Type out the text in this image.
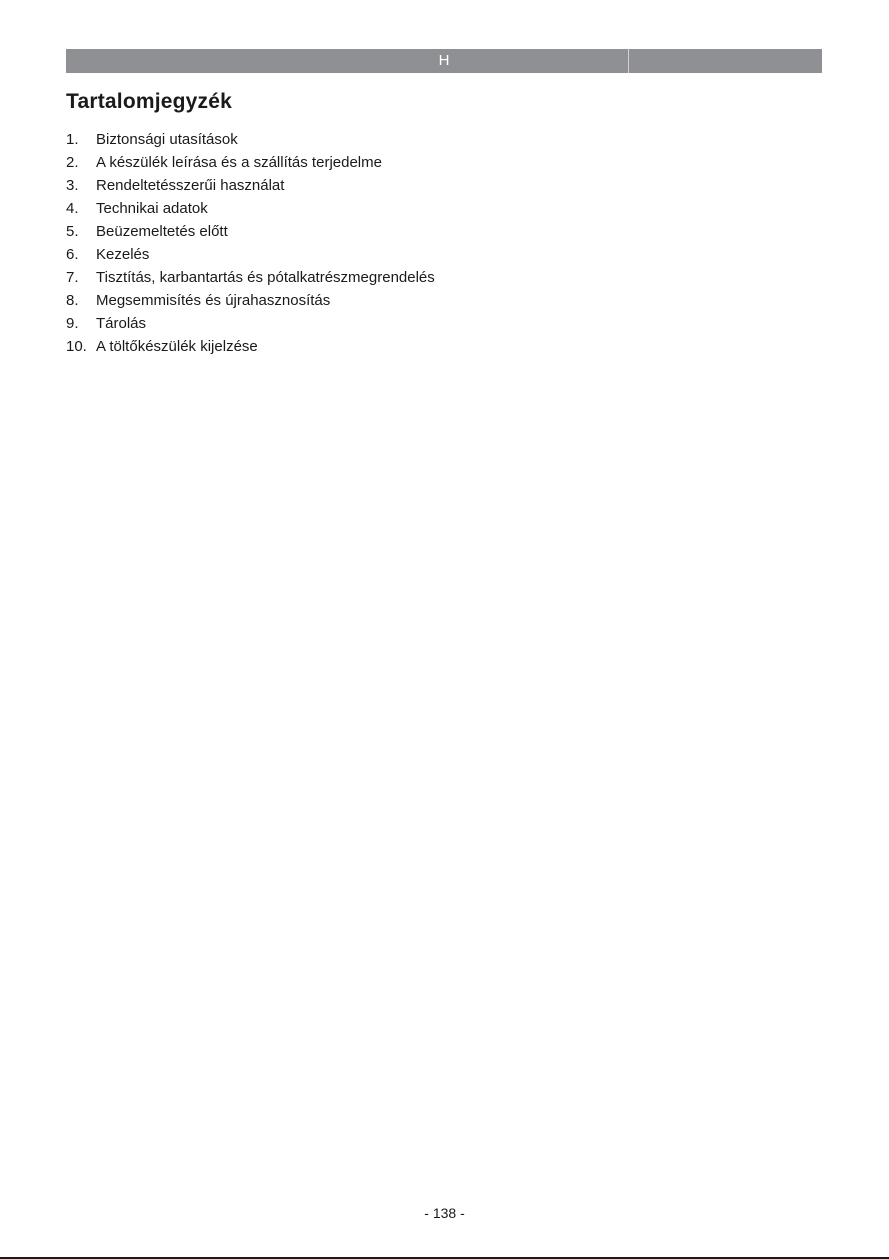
H
Tartalomjegyzék
1. Biztonsági utasítások
2. A készülék leírása és a szállítás terjedelme
3. Rendeltetésszerűi használat
4. Technikai adatok
5. Beüzemeltetés előtt
6. Kezelés
7. Tisztítás, karbantartás és pótalkatrészmegrendelés
8. Megsemmisítés és újrahasznosítás
9. Tárolás
10. A töltőkészülék kijelzése
- 138 -
